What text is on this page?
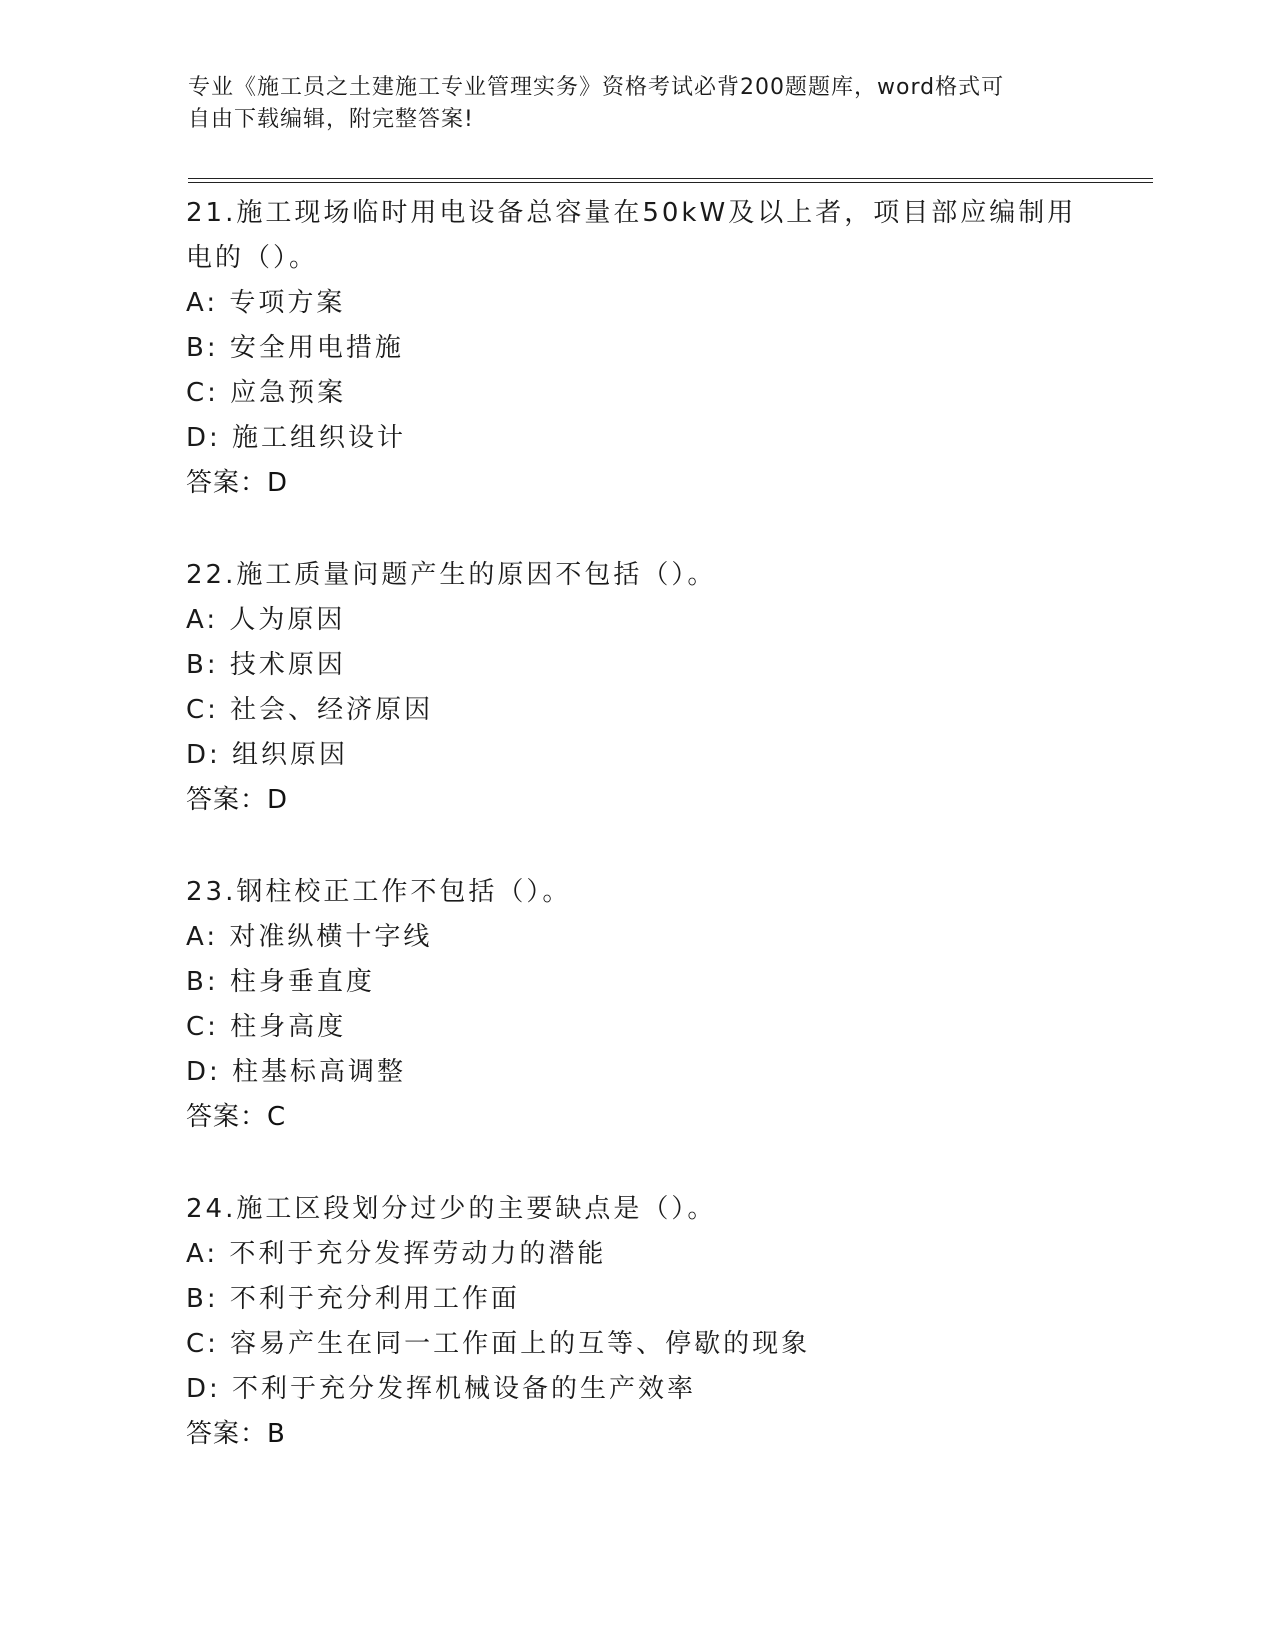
专业《施工员之土建施工专业管理实务》资格考试必背200题题库，word格式可
自由下载编辑，附完整答案!

21.施工现场临时用电设备总容量在50kW及以上者，项目部应编制用

电的（）。

A: 专项方案

B: 安全用电措施

C: 应急预案

D: 施工组织设计

答案：D

22.施工质量问题产生的原因不包括（）。

A: 人为原因

B: 技术原因

C: 社会、经济原因

D: 组织原因

答案：D

23.钢柱校正工作不包括（）。

A: 对准纵横十字线

B: 柱身垂直度

C: 柱身高度

D: 柱基标高调整

答案：C

24.施工区段划分过少的主要缺点是（）。

A: 不利于充分发挥劳动力的潜能

B: 不利于充分利用工作面

C: 容易产生在同一工作面上的互等、停歇的现象

D: 不利于充分发挥机械设备的生产效率

答案：B
